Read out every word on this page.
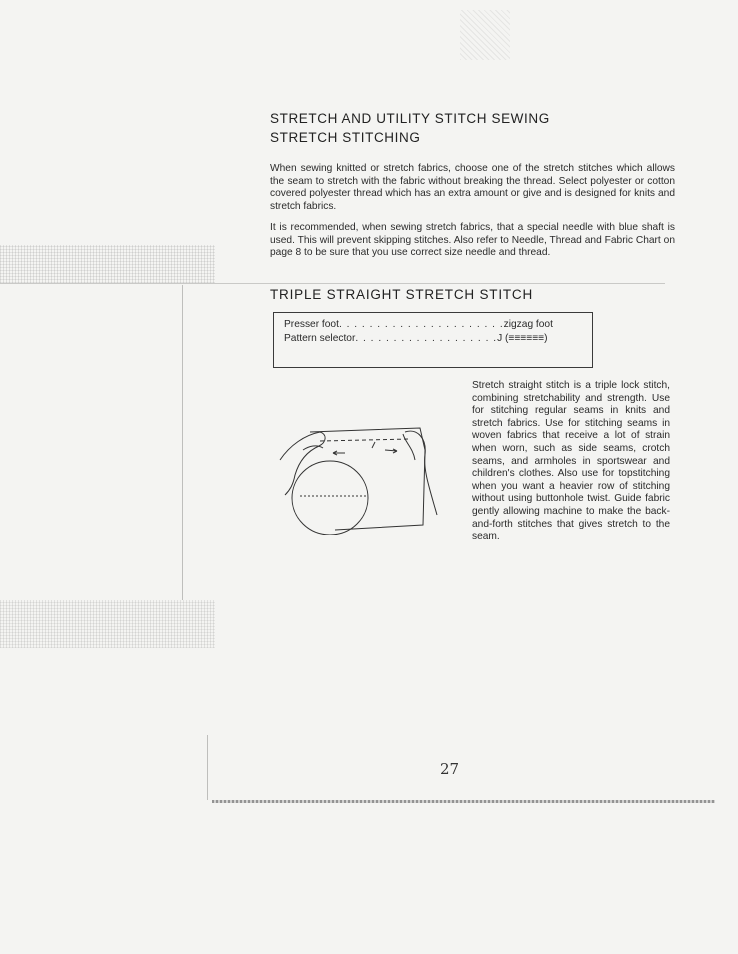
STRETCH AND UTILITY STITCH SEWING
STRETCH STITCHING

When sewing knitted or stretch fabrics, choose one of the stretch stitches which allows the seam to stretch with the fabric without breaking the thread. Select polyester or cotton covered polyester thread which has an extra amount or give and is designed for knits and stretch fabrics.

It is recommended, when sewing stretch fabrics, that a special needle with blue shaft is used. This will prevent skipping stitches. Also refer to Needle, Thread and Fabric Chart on page 8 to be sure that you use correct size needle and thread.

TRIPLE STRAIGHT STRETCH STITCH
Presser foot. . . . . . . . . . . . . . . . . . . . . .zigzag foot
Pattern selector. . . . . . . . . . . . . . . . . . .J (≡≡≡≡≡≡)

Stretch straight stitch is a triple lock stitch, combining stretchability and strength. Use for stitching regular seams in knits and stretch fabrics. Use for stitching seams in woven fabrics that receive a lot of strain when worn, such as side seams, crotch seams, and armholes in sportswear and children's clothes. Also use for topstitching when you want a heavier row of stitching without using buttonhole twist. Guide fabric gently allowing machine to make the back-and-forth stitches that gives stretch to the seam.

27
